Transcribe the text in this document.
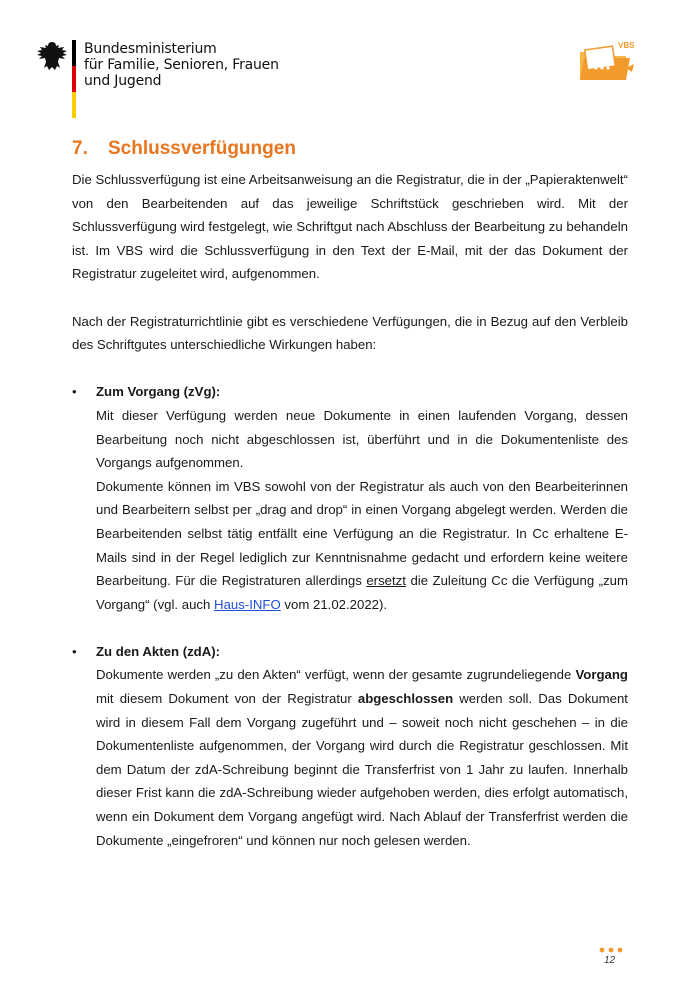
Bundesministerium
für Familie, Senioren, Frauen
und Jugend
VBS
7. Schlussverfügungen

Die Schlussverfügung ist eine Arbeitsanweisung an die Registratur, die in der „Papieraktenwelt“ von den Bearbeitenden auf das jeweilige Schriftstück geschrieben wird. Mit der Schlussverfügung wird festgelegt, wie Schriftgut nach Abschluss der Bearbeitung zu behandeln ist. Im VBS wird die Schlussverfügung in den Text der E-Mail, mit der das Dokument der Registratur zugeleitet wird, aufgenommen.

Nach der Registraturrichtlinie gibt es verschiedene Verfügungen, die in Bezug auf den Verbleib des Schriftgutes unterschiedliche Wirkungen haben:

• Zum Vorgang (zVg):

Mit dieser Verfügung werden neue Dokumente in einen laufenden Vorgang, dessen Bearbeitung noch nicht abgeschlossen ist, überführt und in die Dokumentenliste des Vorgangs aufgenommen.

Dokumente können im VBS sowohl von der Registratur als auch von den Bearbeiterinnen und Bearbeitern selbst per „drag and drop“ in einen Vorgang abgelegt werden. Werden die Bearbeitenden selbst tätig entfällt eine Verfügung an die Registratur. In Cc erhaltene E-Mails sind in der Regel lediglich zur Kenntnisnahme gedacht und erfordern keine weitere Bearbeitung. Für die Registraturen allerdings ersetzt die Zuleitung Cc die Verfügung „zum Vorgang“ (vgl. auch Haus-INFO vom 21.02.2022).

• Zu den Akten (zdA):

Dokumente werden „zu den Akten“ verfügt, wenn der gesamte zugrundeliegende Vorgang mit diesem Dokument von der Registratur abgeschlossen werden soll. Das Dokument wird in diesem Fall dem Vorgang zugeführt und – soweit noch nicht geschehen – in die Dokumentenliste aufgenommen, der Vorgang wird durch die Registratur geschlossen. Mit dem Datum der zdA-Schreibung beginnt die Transferfrist von 1 Jahr zu laufen. Innerhalb dieser Frist kann die zdA-Schreibung wieder aufgehoben werden, dies erfolgt automatisch, wenn ein Dokument dem Vorgang angefügt wird. Nach Ablauf der Transferfrist werden die Dokumente „eingefroren“ und können nur noch gelesen werden.

12
